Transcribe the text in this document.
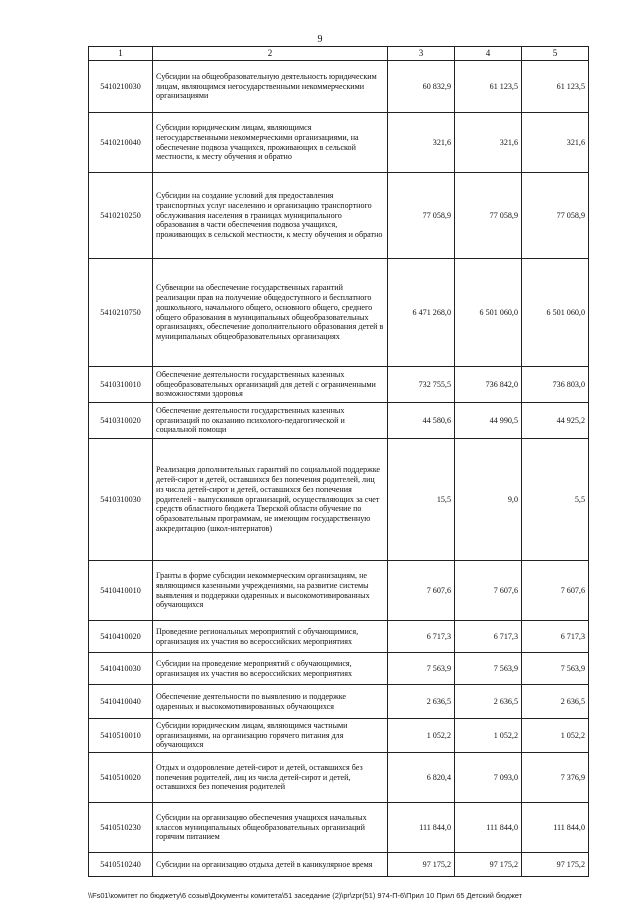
9
1	2	3	4	5
5410210030	Субсидии на общеобразовательную деятельность юридическим лицам, являющимся негосударственными некоммерческими организациями	60 832,9	61 123,5	61 123,5
5410210040	Субсидии юридическим лицам, являющимся негосударственными некоммерческими организациями, на обеспечение подвоза учащихся, проживающих в сельской местности, к месту обучения и обратно	321,6	321,6	321,6
5410210250	Субсидии на создание условий для предоставления транспортных услуг населению и организацию транспортного обслуживания населения в границах муниципального образования в части обеспечения подвоза учащихся, проживающих в сельской местности, к месту обучения и обратно	77 058,9	77 058,9	77 058,9
5410210750	Субвенции на обеспечение государственных гарантий реализации прав на получение общедоступного и бесплатного дошкольного, начального общего, основного общего, среднего общего образования в муниципальных общеобразовательных организациях, обеспечение дополнительного образования детей в муниципальных общеобразовательных организациях	6 471 268,0	6 501 060,0	6 501 060,0
5410310010	Обеспечение деятельности государственных казенных общеобразовательных организаций для детей с ограниченными возможностями здоровья	732 755,5	736 842,0	736 803,0
5410310020	Обеспечение деятельности государственных казенных организаций по оказанию психолого-педагогической и социальной помощи	44 580,6	44 990,5	44 925,2
5410310030	Реализация дополнительных гарантий по социальной поддержке детей-сирот и детей, оставшихся без попечения родителей, лиц из числа детей-сирот и детей, оставшихся без попечения родителей - выпускников организаций, осуществляющих за счет средств областного бюджета Тверской области обучение по образовательным программам, не имеющим государственную аккредитацию (школ-интернатов)	15,5	9,0	5,5
5410410010	Гранты в форме субсидии некоммерческим организациям, не являющимся казенными учреждениями, на развитие системы выявления и поддержки одаренных и высокомотивированных обучающихся	7 607,6	7 607,6	7 607,6
5410410020	Проведение региональных мероприятий с обучающимися, организация их участия во всероссийских мероприятиях	6 717,3	6 717,3	6 717,3
5410410030	Субсидии на проведение мероприятий с обучающимися, организация их участия во всероссийских мероприятиях	7 563,9	7 563,9	7 563,9
5410410040	Обеспечение деятельности по выявлению и поддержке одаренных и высокомотивированных обучающихся	2 636,5	2 636,5	2 636,5
5410510010	Субсидии юридическим лицам, являющимся частными организациями, на организацию горячего питания для обучающихся	1 052,2	1 052,2	1 052,2
5410510020	Отдых и оздоровление детей-сирот и детей, оставшихся без попечения родителей, лиц из числа детей-сирот и детей, оставшихся без попечения родителей	6 820,4	7 093,0	7 376,9
5410510230	Субсидии на организацию обеспечения учащихся начальных классов муниципальных общеобразовательных организаций горячим питанием	111 844,0	111 844,0	111 844,0
5410510240	Субсидии на организацию отдыха детей в каникулярное время	97 175,2	97 175,2	97 175,2
\\Fs01\комитет по бюджету\6 созыв\Документы комитета\51 заседание (2)\pr\zpr(51) 974-П-6\Прил 10 Прил 65 Детский бюджет
